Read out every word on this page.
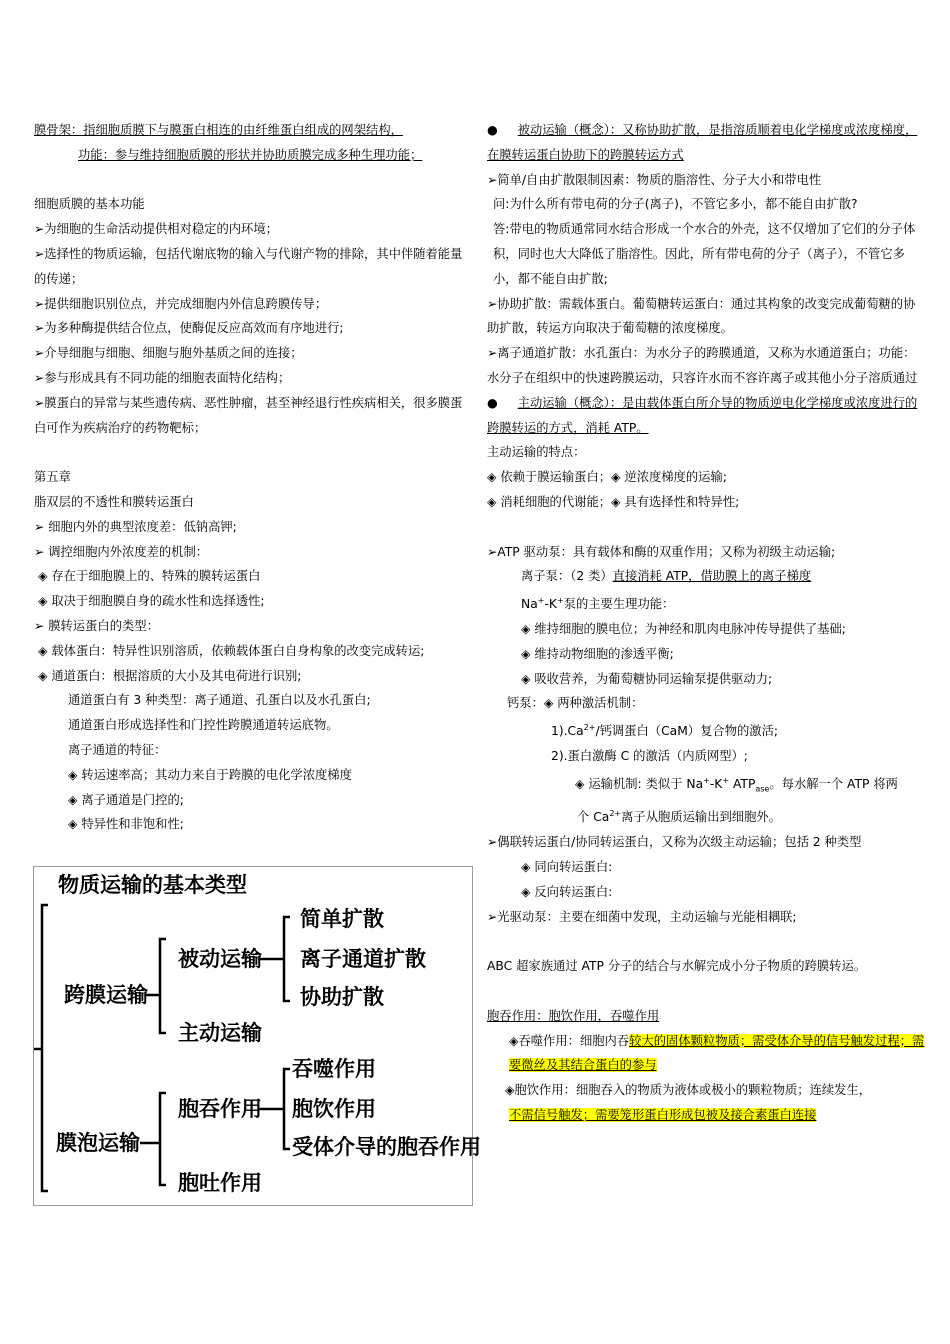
膜骨架：指细胞质膜下与膜蛋白相连的由纤维蛋白组成的网架结构，
功能：参与维持细胞质膜的形状并协助质膜完成多种生理功能；
细胞质膜的基本功能
➢为细胞的生命活动提供相对稳定的内环境；
➢选择性的物质运输，包括代谢底物的输入与代谢产物的排除，其中伴随着能量的传递；
➢提供细胞识别位点，并完成细胞内外信息跨膜传导；
➢为多种酶提供结合位点，使酶促反应高效而有序地进行;
➢介导细胞与细胞、细胞与胞外基质之间的连接；
➢参与形成具有不同功能的细胞表面特化结构；
➢膜蛋白的异常与某些遗传病、恶性肿瘤，甚至神经退行性疾病相关，很多膜蛋白可作为疾病治疗的药物靶标；
第五章
脂双层的不透性和膜转运蛋白
➢ 细胞内外的典型浓度差：低钠高钾;
➢ 调控细胞内外浓度差的机制：
◈ 存在于细胞膜上的、特殊的膜转运蛋白
◈ 取决于细胞膜自身的疏水性和选择透性;
➢ 膜转运蛋白的类型：
◈ 载体蛋白：特异性识别溶质，依赖载体蛋白自身构象的改变完成转运;
◈ 通道蛋白：根据溶质的大小及其电荷进行识别;
通道蛋白有 3 种类型：离子通道、孔蛋白以及水孔蛋白;
通道蛋白形成选择性和门控性跨膜通道转运底物。
离子通道的特征：
◈ 转运速率高；其动力来自于跨膜的电化学浓度梯度
◈ 离子通道是门控的;
◈ 特异性和非饱和性;
物质运输的基本类型
跨膜运输
被动运输
简单扩散
离子通道扩散
协助扩散
主动运输
膜泡运输
胞吞作用
吞噬作用
胞饮作用
受体介导的胞吞作用
胞吐作用
● 被动运输（概念）：又称协助扩散，是指溶质顺着电化学梯度或浓度梯度，在膜转运蛋白协助下的跨膜转运方式
➢简单/自由扩散限制因素：物质的脂溶性、分子大小和带电性
问:为什么所有带电荷的分子(离子)，不管它多小，都不能自由扩散?
答:带电的物质通常同水结合形成一个水合的外壳，这不仅增加了它们的分子体积，同时也大大降低了脂溶性。因此，所有带电荷的分子（离子），不管它多小，都不能自由扩散;
➢协助扩散：需载体蛋白。葡萄糖转运蛋白：通过其构象的改变完成葡萄糖的协助扩散，转运方向取决于葡萄糖的浓度梯度。
➢离子通道扩散：水孔蛋白：为水分子的跨膜通道，又称为水通道蛋白；功能：水分子在组织中的快速跨膜运动，只容许水而不容许离子或其他小分子溶质通过
● 主动运输（概念）：是由载体蛋白所介导的物质逆电化学梯度或浓度进行的跨膜转运的方式，消耗 ATP。
主动运输的特点：
◈ 依赖于膜运输蛋白；◈ 逆浓度梯度的运输;
◈ 消耗细胞的代谢能；◈ 具有选择性和特异性;
➢ATP 驱动泵：具有载体和酶的双重作用；又称为初级主动运输;
离子泵：（2 类）直接消耗 ATP，借助膜上的离子梯度
Na+-K+泵的主要生理功能：
◈ 维持细胞的膜电位；为神经和肌肉电脉冲传导提供了基础;
◈ 维持动物细胞的渗透平衡;
◈ 吸收营养，为葡萄糖协同运输泵提供驱动力;
钙泵：◈ 两种激活机制：
$1).Ca^{2+}/$钙调蛋白（CaM）复合物的激活;
2).蛋白激酶 C 的激活（内质网型）;
◈ 运输机制: 类似于 Na+-K+ $ATP_{ase}$。每水解一个 ATP 将两
个 $Ca^{2+}$离子从胞质运输出到细胞外。
➢偶联转运蛋白/协同转运蛋白，又称为次级主动运输；包括 2 种类型
◈ 同向转运蛋白:
◈ 反向转运蛋白:
➢光驱动泵：主要在细菌中发现，主动运输与光能相耦联;
ABC 超家族通过 ATP 分子的结合与水解完成小分子物质的跨膜转运。
胞吞作用：胞饮作用，吞噬作用
◈吞噬作用：细胞内吞较大的固体颗粒物质；需受体介导的信号触发过程；需要微丝及其结合蛋白的参与
◈胞饮作用：细胞吞入的物质为液体或极小的颗粒物质；连续发生，
不需信号触发；需要笼形蛋白形成包被及接合素蛋白连接
